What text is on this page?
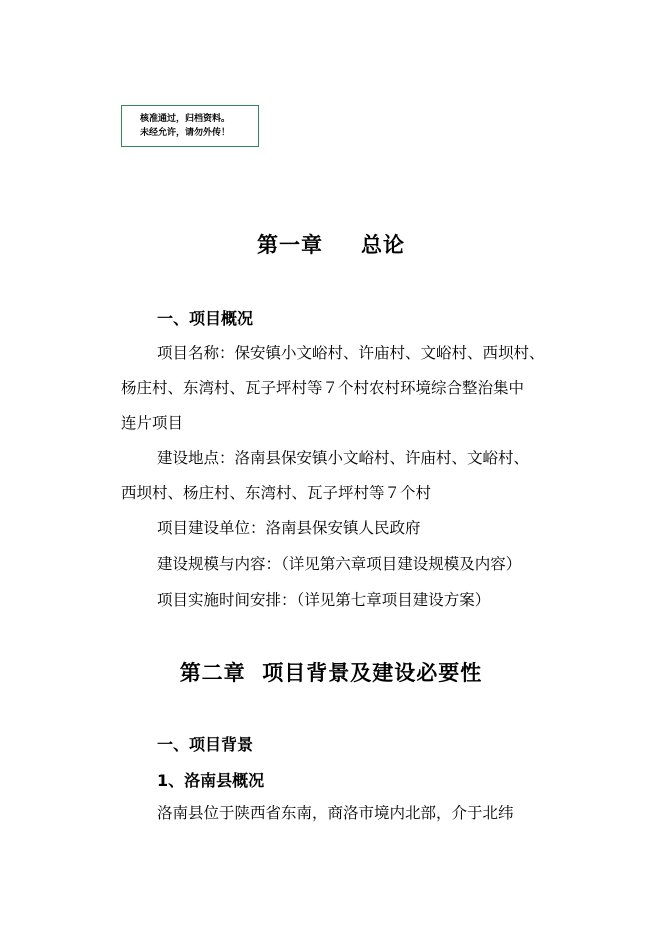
核准通过，归档资料。
未经允许，请勿外传！
第一章 总论
一、项目概况
项目名称：保安镇小文峪村、许庙村、文峪村、西坝村、
杨庄村、东湾村、瓦子坪村等７个村农村环境综合整治集中
连片项目
建设地点：洛南县保安镇小文峪村、许庙村、文峪村、
西坝村、杨庄村、东湾村、瓦子坪村等７个村
项目建设单位：洛南县保安镇人民政府
建设规模与内容：（详见第六章项目建设规模及内容）
项目实施时间安排：（详见第七章项目建设方案）
第二章  项目背景及建设必要性
一、项目背景
1、洛南县概况
洛南县位于陕西省东南，商洛市境内北部，介于北纬
